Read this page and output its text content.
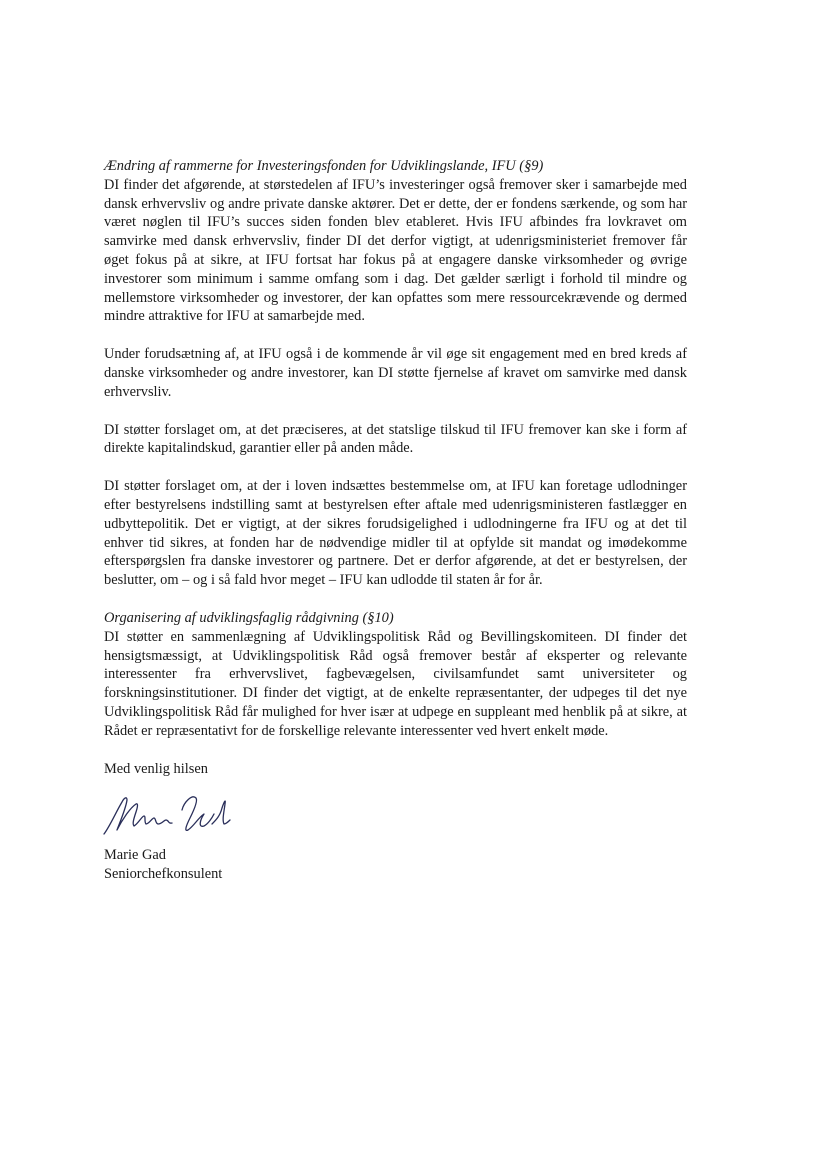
Ændring af rammerne for Investeringsfonden for Udviklingslande, IFU (§9)

DI finder det afgørende, at størstedelen af IFU’s investeringer også fremover sker i samarbejde med dansk erhvervsliv og andre private danske aktører. Det er dette, der er fondens særkende, og som har været nøglen til IFU’s succes siden fonden blev etableret. Hvis IFU afbindes fra lovkravet om samvirke med dansk erhvervsliv, finder DI det derfor vigtigt, at udenrigsministeriet fremover får øget fokus på at sikre, at IFU fortsat har fokus på at engagere danske virksomheder og øvrige investorer som minimum i samme omfang som i dag. Det gælder særligt i forhold til mindre og mellemstore virksomheder og investorer, der kan opfattes som mere ressourcekrævende og dermed mindre attraktive for IFU at samarbejde med.

Under forudsætning af, at IFU også i de kommende år vil øge sit engagement med en bred kreds af danske virksomheder og andre investorer, kan DI støtte fjernelse af kravet om samvirke med dansk erhvervsliv.

DI støtter forslaget om, at det præciseres, at det statslige tilskud til IFU fremover kan ske i form af direkte kapitalindskud, garantier eller på anden måde.

DI støtter forslaget om, at der i loven indsættes bestemmelse om, at IFU kan foretage udlodninger efter bestyrelsens indstilling samt at bestyrelsen efter aftale med udenrigsministeren fastlægger en udbyttepolitik. Det er vigtigt, at der sikres forudsigelighed i udlodningerne fra IFU og at det til enhver tid sikres, at fonden har de nødvendige midler til at opfylde sit mandat og imødekomme efterspørgslen fra danske investorer og partnere. Det er derfor afgørende, at det er bestyrelsen, der beslutter, om – og i så fald hvor meget – IFU kan udlodde til staten år for år.

Organisering af udviklingsfaglig rådgivning (§10)

DI støtter en sammenlægning af Udviklingspolitisk Råd og Bevillingskomiteen. DI finder det hensigtsmæssigt, at Udviklingspolitisk Råd også fremover består af eksperter og relevante interessenter fra erhvervslivet, fagbevægelsen, civilsamfundet samt universiteter og forskningsinstitutioner. DI finder det vigtigt, at de enkelte repræsentanter, der udpeges til det nye Udviklingspolitisk Råd får mulighed for hver især at udpege en suppleant med henblik på at sikre, at Rådet er repræsentativt for de forskellige relevante interessenter ved hvert enkelt møde.

Med venlig hilsen

Marie Gad

Seniorchefkonsulent
